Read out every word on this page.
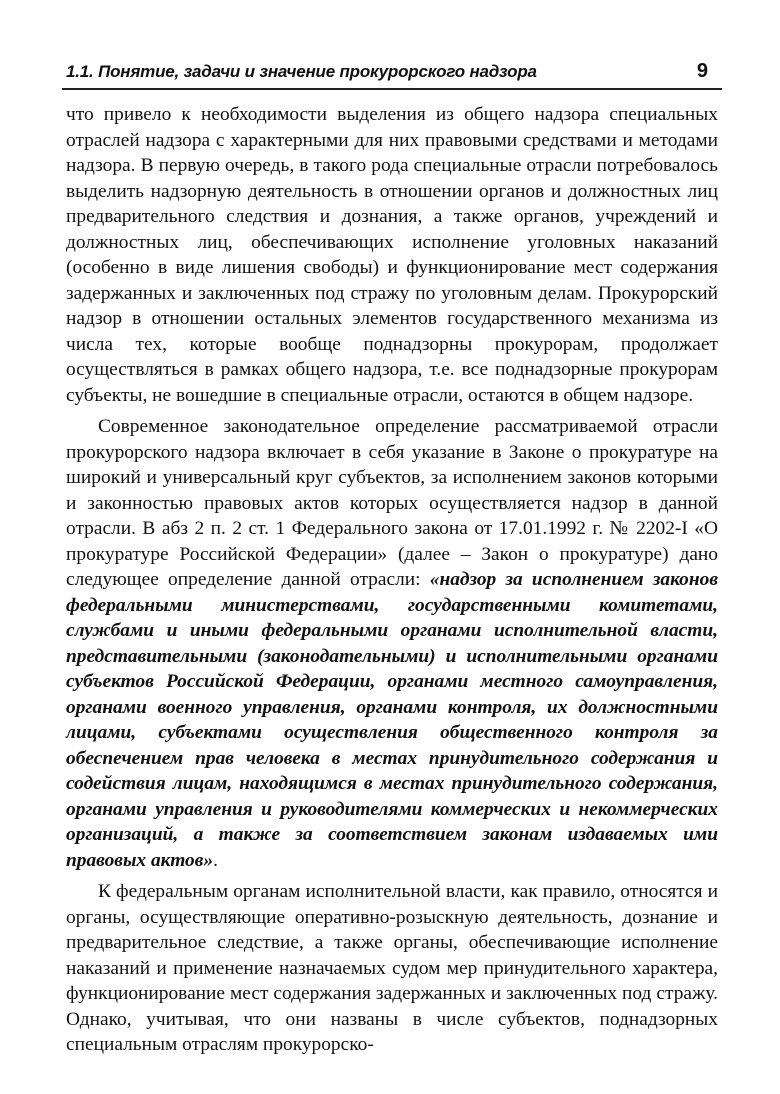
1.1. Понятие, задачи и значение прокурорского надзора	9

что привело к необходимости выделения из общего надзора специальных отраслей надзора с характерными для них правовыми средствами и методами надзора. В первую очередь, в такого рода специальные отрасли потребовалось выделить надзорную деятельность в отношении органов и должностных лиц предварительного следствия и дознания, а также органов, учреждений и должностных лиц, обеспечивающих исполнение уголовных наказаний (особенно в виде лишения свободы) и функционирование мест содержания задержанных и заключенных под стражу по уголовным делам. Прокурорский надзор в отношении остальных элементов государственного механизма из числа тех, которые вообще поднадзорны прокурорам, продолжает осуществляться в рамках общего надзора, т.е. все поднадзорные прокурорам субъекты, не вошедшие в специальные отрасли, остаются в общем надзоре.

Современное законодательное определение рассматриваемой отрасли прокурорского надзора включает в себя указание в Законе о прокуратуре на широкий и универсальный круг субъектов, за исполнением законов которыми и законностью правовых актов которых осуществляется надзор в данной отрасли. В абз 2 п. 2 ст. 1 Федерального закона от 17.01.1992 г. № 2202-I «О прокуратуре Российской Федерации» (далее – Закон о прокуратуре) дано следующее определение данной отрасли: «надзор за исполнением законов федеральными министерствами, государственными комитетами, службами и иными федеральными органами исполнительной власти, представительными (законодательными) и исполнительными органами субъектов Российской Федерации, органами местного самоуправления, органами военного управления, органами контроля, их должностными лицами, субъектами осуществления общественного контроля за обеспечением прав человека в местах принудительного содержания и содействия лицам, находящимся в местах принудительного содержания, органами управления и руководителями коммерческих и некоммерческих организаций, а также за соответствием законам издаваемых ими правовых актов».

К федеральным органам исполнительной власти, как правило, относятся и органы, осуществляющие оперативно-розыскную деятельность, дознание и предварительное следствие, а также органы, обеспечивающие исполнение наказаний и применение назначаемых судом мер принудительного характера, функционирование мест содержания задержанных и заключенных под стражу. Однако, учитывая, что они названы в числе субъектов, поднадзорных специальным отраслям прокурорско-
